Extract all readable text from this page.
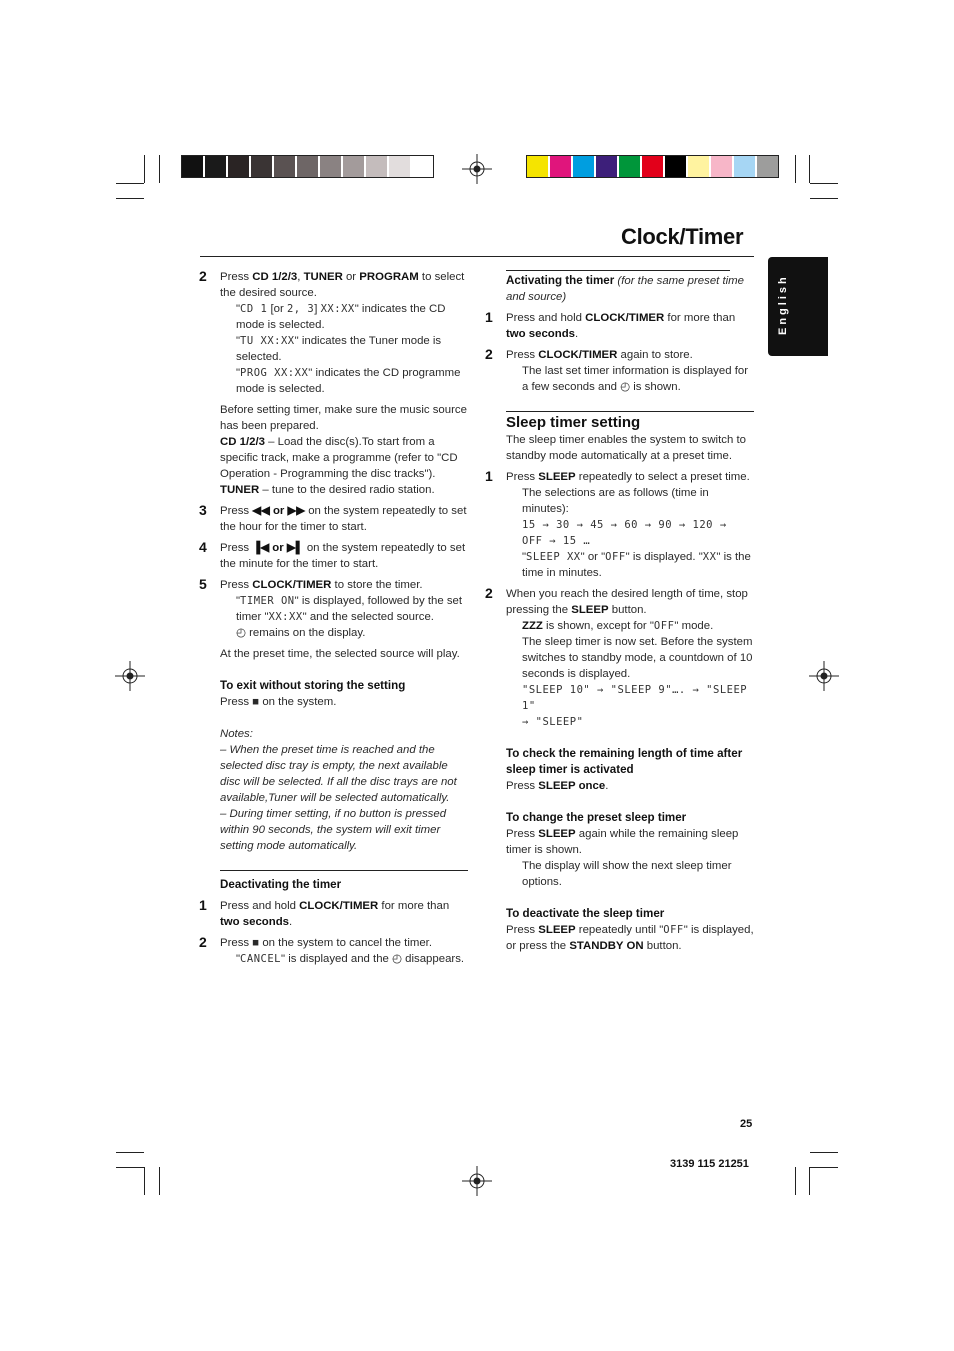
Clock/Timer
English
2 Press CD 1/2/3, TUNER or PROGRAM to select the desired source.

"CD 1 [or 2, 3] XX:XX" indicates the CD mode is selected.

"TU XX:XX" indicates the Tuner mode is selected.

"PROG XX:XX" indicates the CD programme mode is selected.

Before setting timer, make sure the music source has been prepared.

CD 1/2/3 – Load the disc(s).To start from a specific track, make a programme (refer to "CD Operation - Programming the disc tracks").

TUNER – tune to the desired radio station.

3 Press ◀◀ or ▶▶ on the system repeatedly to set the hour for the timer to start.

4 Press ▐◀ or ▶▌ on the system repeatedly to set the minute for the timer to start.

5 Press CLOCK/TIMER to store the timer.

"TIMER ON" is displayed, followed by the set timer "XX:XX" and the selected source.

◴ remains on the display.

At the preset time, the selected source will play.

To exit without storing the setting

Press ■ on the system.

Notes:

– When the preset time is reached and the selected disc tray is empty, the next available disc will be selected. If all the disc trays are not available,Tuner will be selected automatically.

– During timer setting, if no button is pressed within 90 seconds, the system will exit timer setting mode automatically.

Deactivating the timer

1 Press and hold CLOCK/TIMER for more than two seconds.

2 Press ■ on the system to cancel the timer.

"CANCEL" is displayed and the ◴ disappears.

Activating the timer (for the same preset time and source)

1 Press and hold CLOCK/TIMER for more than two seconds.

2 Press CLOCK/TIMER again to store.

The last set timer information is displayed for a few seconds and ◴ is shown.

Sleep timer setting

The sleep timer enables the system to switch to standby mode automatically at a preset time.

1 Press SLEEP repeatedly to select a preset time.

The selections are as follows (time in minutes):

15 → 30 → 45 → 60 → 90 → 120 →

OFF → 15 …

"SLEEP XX" or "OFF" is displayed. "XX" is the time in minutes.

2 When you reach the desired length of time, stop pressing the SLEEP button.

ZZZ is shown, except for "OFF" mode.

The sleep timer is now set. Before the system switches to standby mode, a countdown of 10 seconds is displayed.

"SLEEP 10" → "SLEEP 9"…. → "SLEEP 1"

→ "SLEEP"

To check the remaining length of time after sleep timer is activated

Press SLEEP once.

To change the preset sleep timer

Press SLEEP again while the remaining sleep timer is shown.

The display will show the next sleep timer options.

To deactivate the sleep timer

Press SLEEP repeatedly until "OFF" is displayed, or press the STANDBY ON button.

25
3139 115 21251
